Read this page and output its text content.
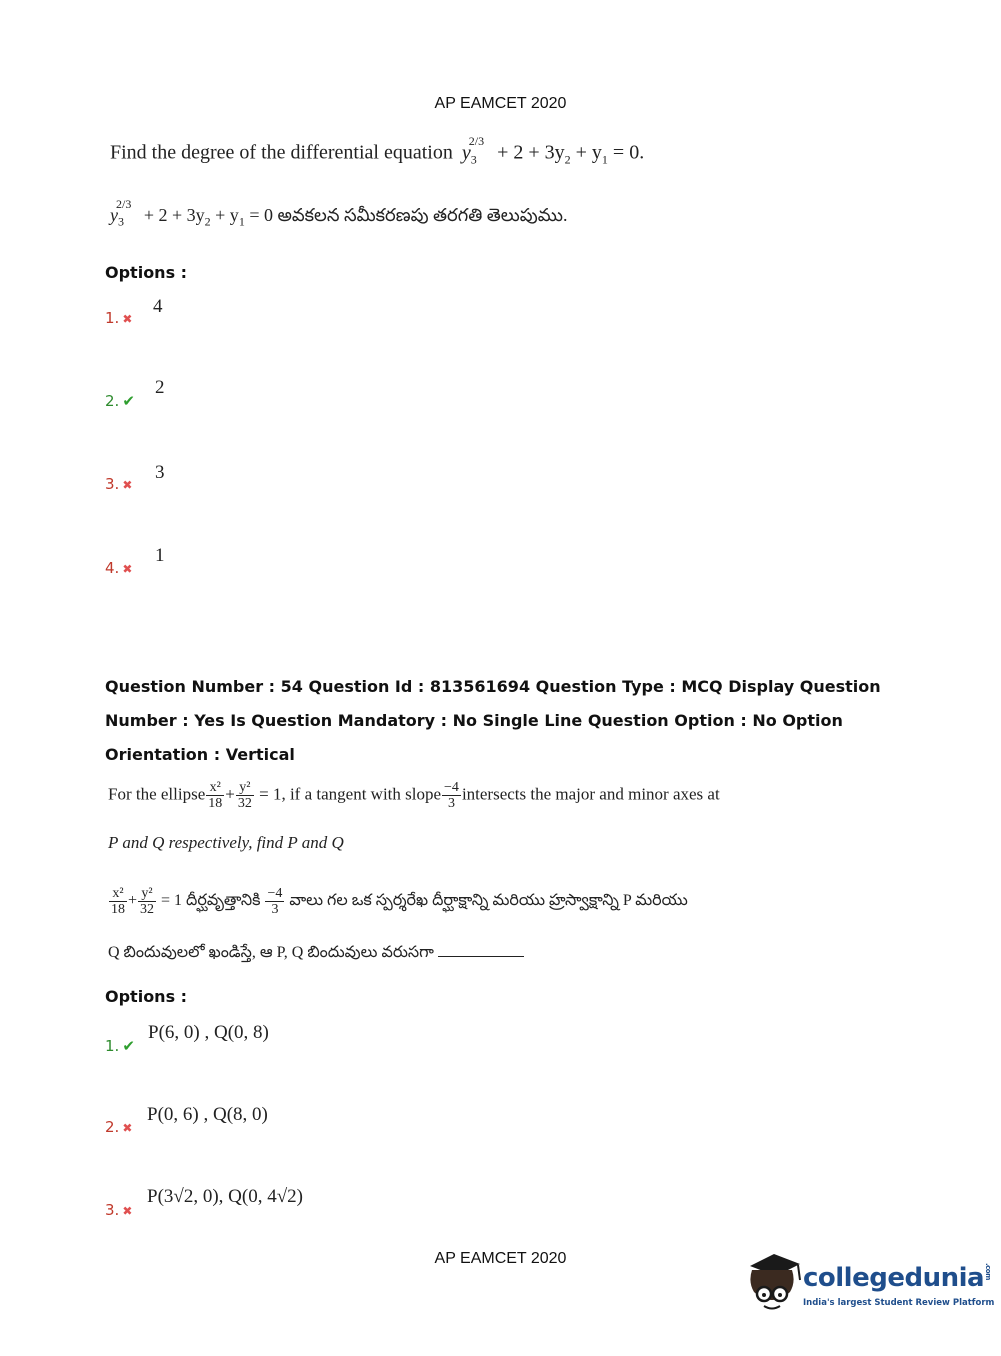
AP EAMCET 2020
Find the degree of the differential equation $y_3^{2/3} + 2 + 3y_2 + y_1 = 0$.
$y_3^{2/3} + 2 + 3y_2 + y_1 = 0$ అవకలన సమీకరణపు తరగతి తెలుపుము.
Options :
1. ✖
4
2. ✔
2
3. ✖
3
4. ✖
1
Question Number : 54 Question Id : 813561694 Question Type : MCQ Display Question
Number : Yes Is Question Mandatory : No Single Line Question Option : No Option
Orientation : Vertical
For the ellipse $\frac{\text{x²}}{18} + \frac{\text{y²}}{32} = 1$, if a tangent with slope $\frac{-4}{3}$ intersects the major and minor axes at
P and Q respectively, find P and Q
$\frac{\text{x²}}{18} + \frac{\text{y²}}{32} = 1$ దీర్ఘవృత్తానికి $\frac{-4}{3}$ వాలు గల ఒక స్పర్శరేఖ దీర్ఘాక్షాన్ని మరియు హ్రస్వాక్షాన్ని P మరియు
Q బిందువులలో ఖండిస్తే, ఆ P, Q బిందువులు వరుసగా
Options :
1. ✔
P(6, 0) , Q(0, 8)
2. ✖
P(0, 6) , Q(8, 0)
3. ✖
P(3√2, 0), Q(0, 4√2)
AP EAMCET 2020
collegedunia.com
India's largest Student Review Platform
